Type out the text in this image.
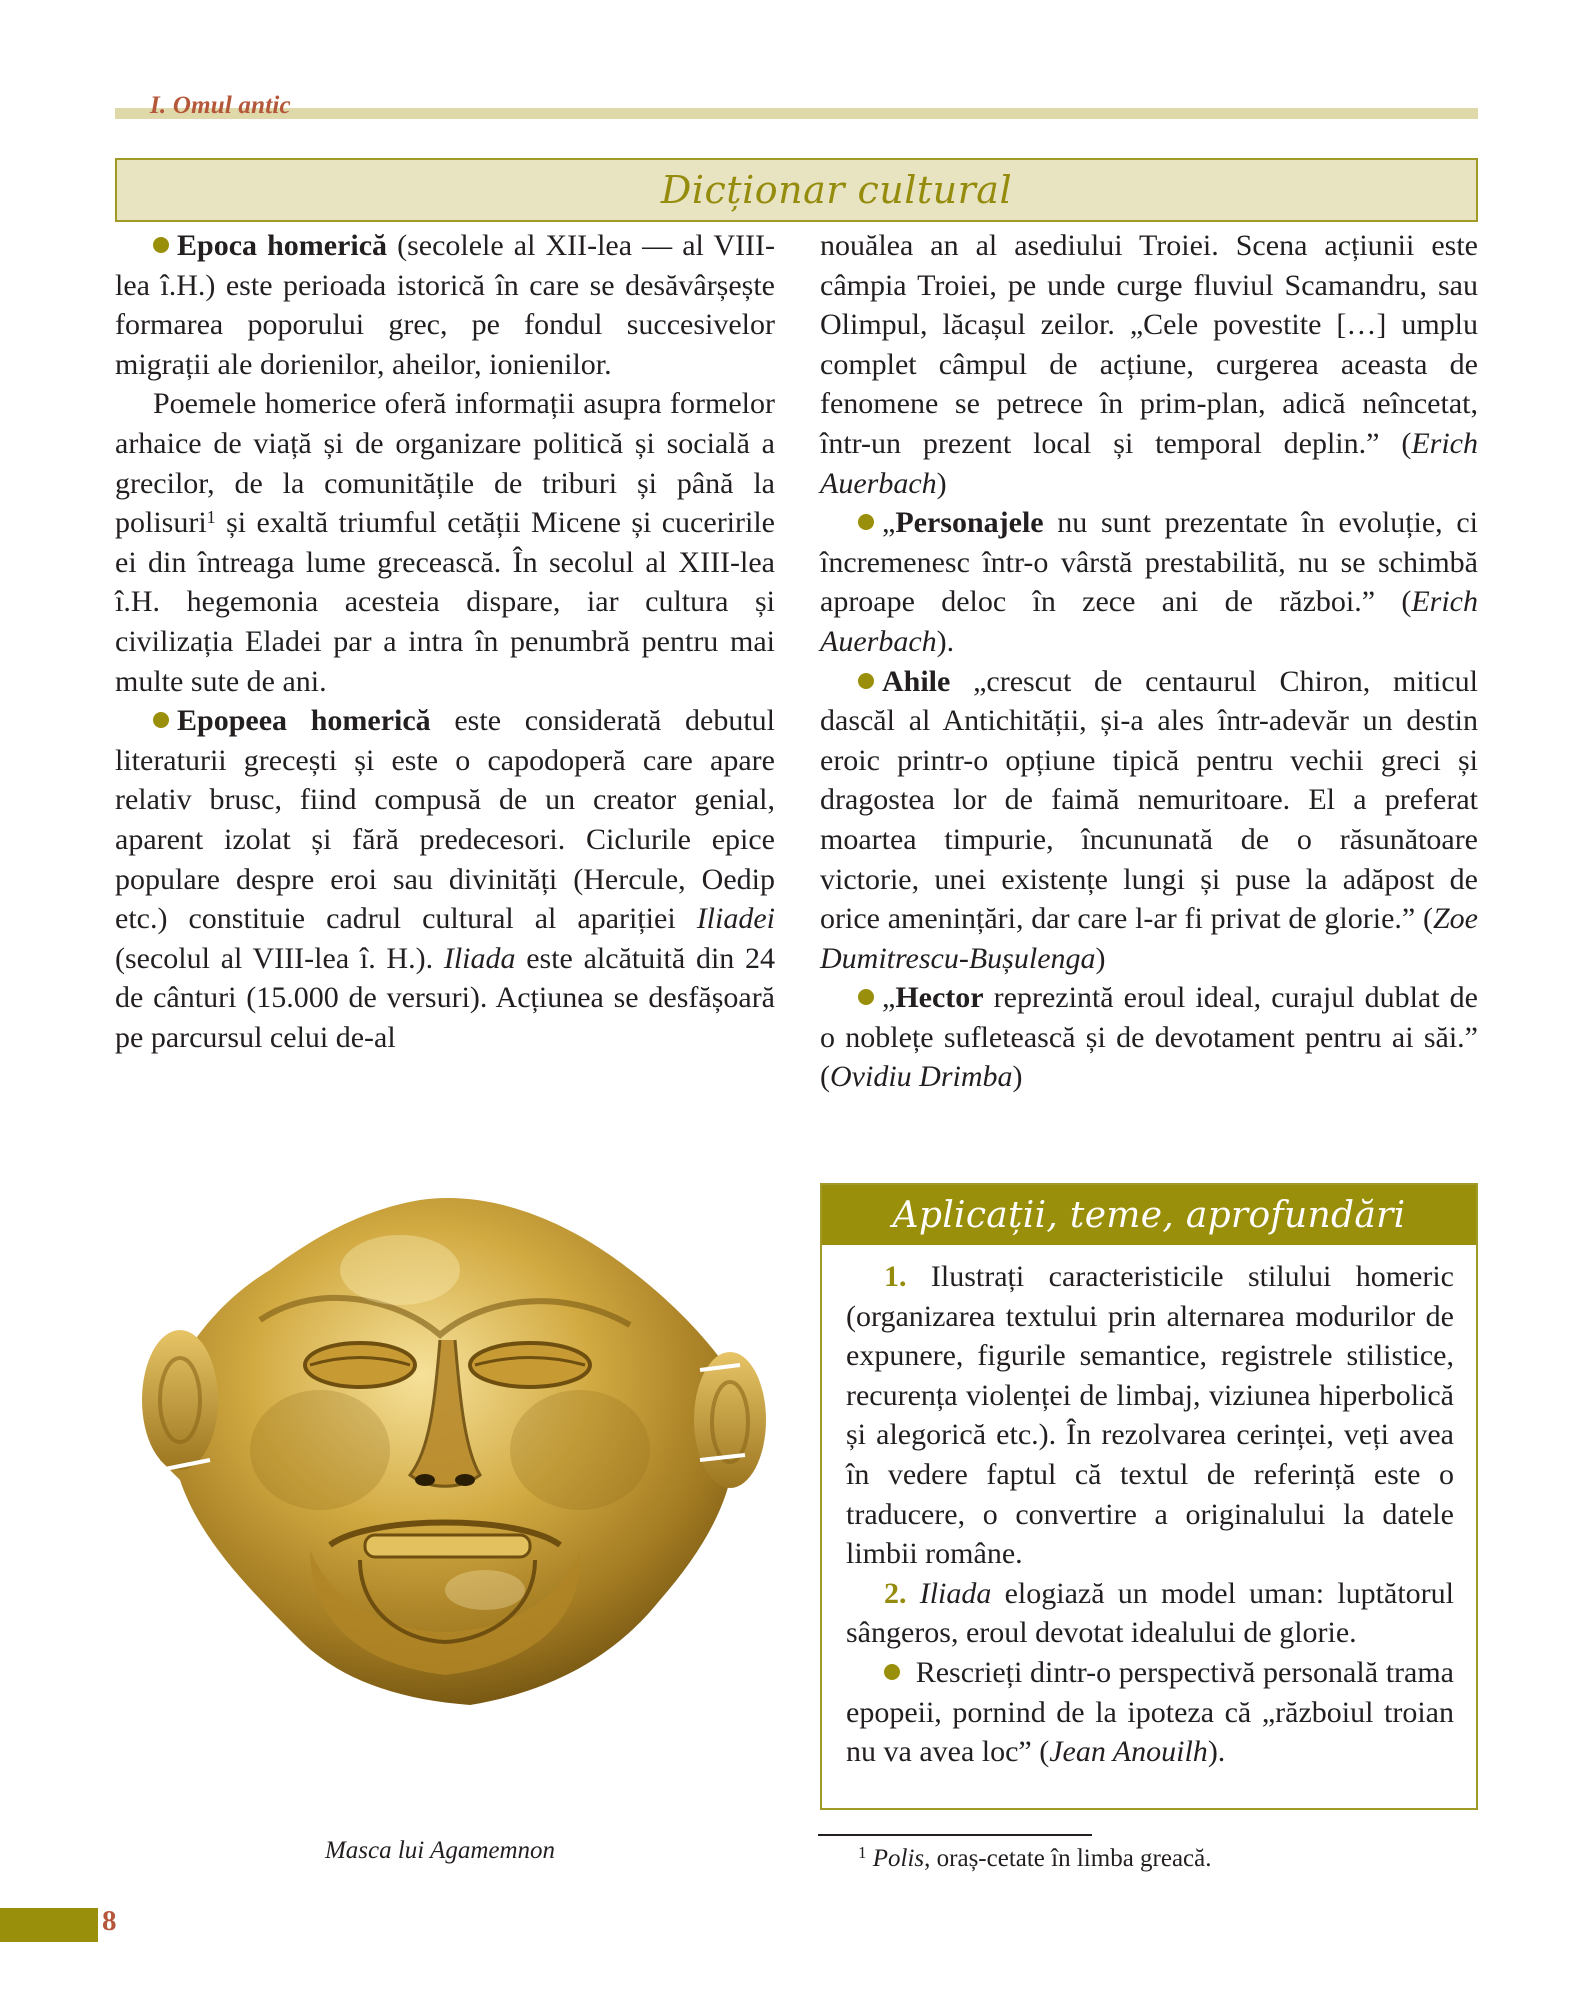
I. Omul antic
Dicționar cultural

Epoca homerică (secolele al XII-lea — al VIII-lea î.H.) este perioada istorică în care se desăvârșește formarea poporului grec, pe fondul succesivelor migrații ale dorienilor, aheilor, ionienilor.

Poemele homerice oferă informații asupra formelor arhaice de viață și de organizare politică și socială a grecilor, de la comunitățile de triburi și până la polisuri$^1$ și exaltă triumful cetății Micene și cuceririle ei din întreaga lume grecească. În secolul al XIII-lea î.H. hegemonia acesteia dispare, iar cultura și civilizația Eladei par a intra în penumbră pentru mai multe sute de ani.

Epopeea homerică este considerată debutul literaturii grecești și este o capodoperă care apare relativ brusc, fiind compusă de un creator genial, aparent izolat și fără predecesori. Ciclurile epice populare despre eroi sau divinități (Hercule, Oedip etc.) constituie cadrul cultural al apariției Iliadei (secolul al VIII-lea î. H.). Iliada este alcătuită din 24 de cânturi (15.000 de versuri). Acțiunea se desfășoară pe parcursul celui de-al

nouălea an al asediului Troiei. Scena acțiunii este câmpia Troiei, pe unde curge fluviul Scamandru, sau Olimpul, lăcașul zeilor. „Cele povestite […] umplu complet câmpul de acțiune, curgerea aceasta de fenomene se petrece în prim-plan, adică neîncetat, într-un prezent local și temporal deplin.” (Erich Auerbach)

„Personajele nu sunt prezentate în evoluție, ci încremenesc într-o vârstă prestabilită, nu se schimbă aproape deloc în zece ani de război.” (Erich Auerbach).

Ahile „crescut de centaurul Chiron, miticul dascăl al Antichității, și-a ales într-adevăr un destin eroic printr-o opțiune tipică pentru vechii greci și dragostea lor de faimă nemuritoare. El a preferat moartea timpurie, încununată de o răsunătoare victorie, unei existențe lungi și puse la adăpost de orice amenințări, dar care l-ar fi privat de glorie.” (Zoe Dumitrescu-Bușulenga)

„Hector reprezintă eroul ideal, curajul dublat de o noblețe sufletească și de devotament pentru ai săi.” (Ovidiu Drimba)

Masca lui Agamemnon
Aplicații, teme, aprofundări

1. Ilustrați caracteristicile stilului homeric (organizarea textului prin alternarea modurilor de expunere, figurile semantice, registrele stilistice, recurența violenței de limbaj, viziunea hiperbolică și alegorică etc.). În rezolvarea cerinței, veți avea în vedere faptul că textul de referință este o traducere, o convertire a originalului la datele limbii române.

2. Iliada elogiază un model uman: luptătorul sângeros, eroul devotat idealului de glorie.

Rescrieți dintr-o perspectivă personală trama epopeii, pornind de la ipoteza că „războiul troian nu va avea loc” (Jean Anouilh).

$^1$ Polis, oraș-cetate în limba greacă.
8
